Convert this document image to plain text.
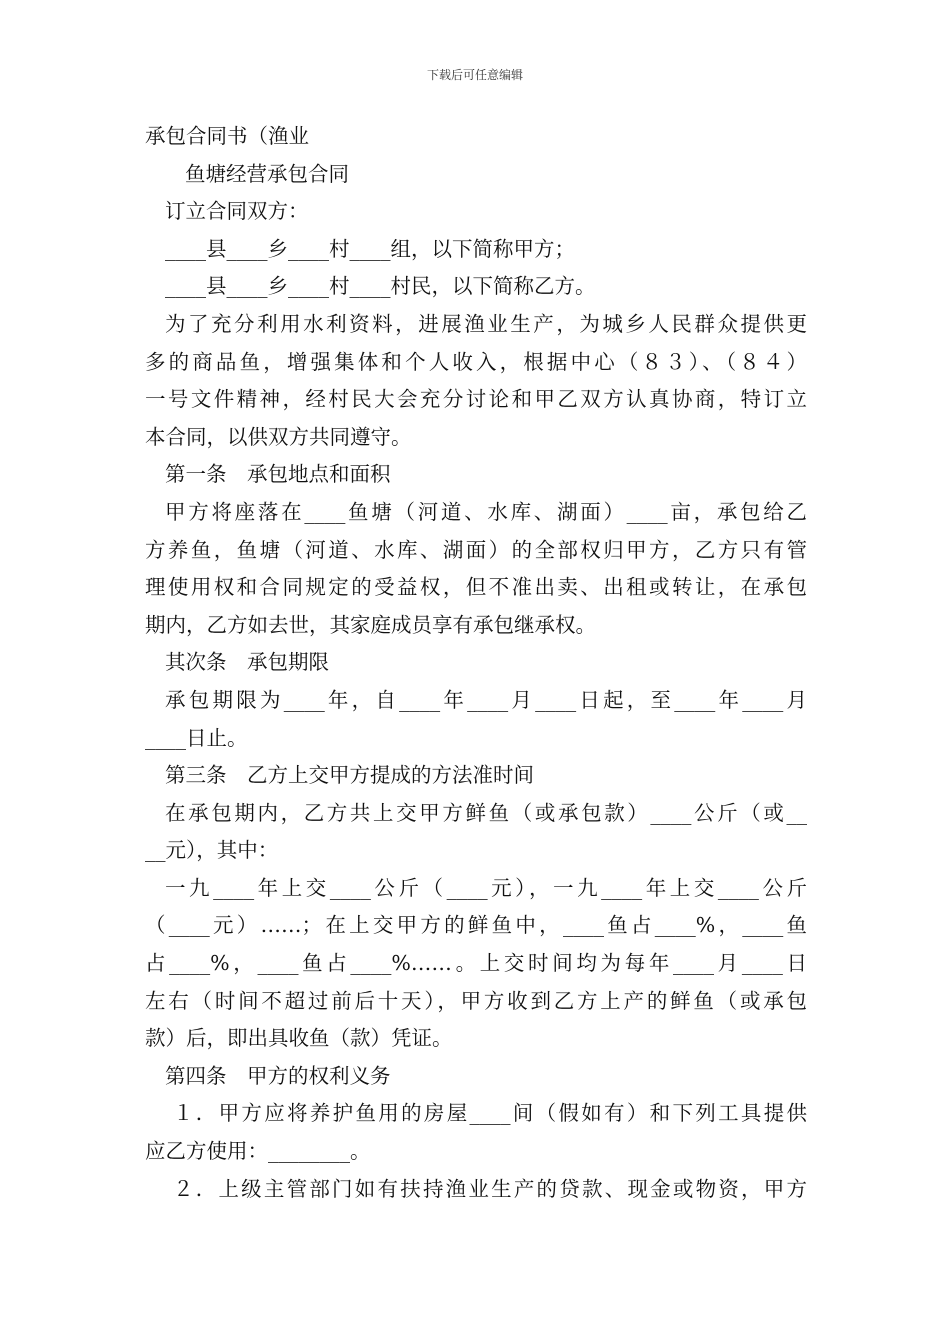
下载后可任意编辑

承包合同书（渔业

鱼塘经营承包合同

订立合同双方：

____县____乡____村____组，以下简称甲方；

____县____乡____村____村民，以下简称乙方。

为了充分利用水利资料，进展渔业生产，为城乡人民群众提供更

多的商品鱼，增强集体和个人收入，根据中心（８３）、（８４）

一号文件精神，经村民大会充分讨论和甲乙双方认真协商，特订立

本合同，以供双方共同遵守。

第一条　承包地点和面积

甲方将座落在____鱼塘（河道、水库、湖面）____亩，承包给乙

方养鱼，鱼塘（河道、水库、湖面）的全部权归甲方，乙方只有管

理使用权和合同规定的受益权，但不准出卖、出租或转让，在承包

期内，乙方如去世，其家庭成员享有承包继承权。

其次条　承包期限

承包期限为____年，自____年____月____日起，至____年____月

____日止。

第三条　乙方上交甲方提成的方法准时间

在承包期内，乙方共上交甲方鲜鱼（或承包款）____公斤（或__

__元），其中：

一九____年上交____公斤（____元），一九____年上交____公斤

（____元）……；在上交甲方的鲜鱼中，____鱼占____%，____鱼

占____%，____鱼占____%……。上交时间均为每年____月____日

左右（时间不超过前后十天），甲方收到乙方上产的鲜鱼（或承包

款）后，即出具收鱼（款）凭证。

第四条　甲方的权利义务

１．甲方应将养护鱼用的房屋____间（假如有）和下列工具提供

应乙方使用：________。

２．上级主管部门如有扶持渔业生产的贷款、现金或物资，甲方
